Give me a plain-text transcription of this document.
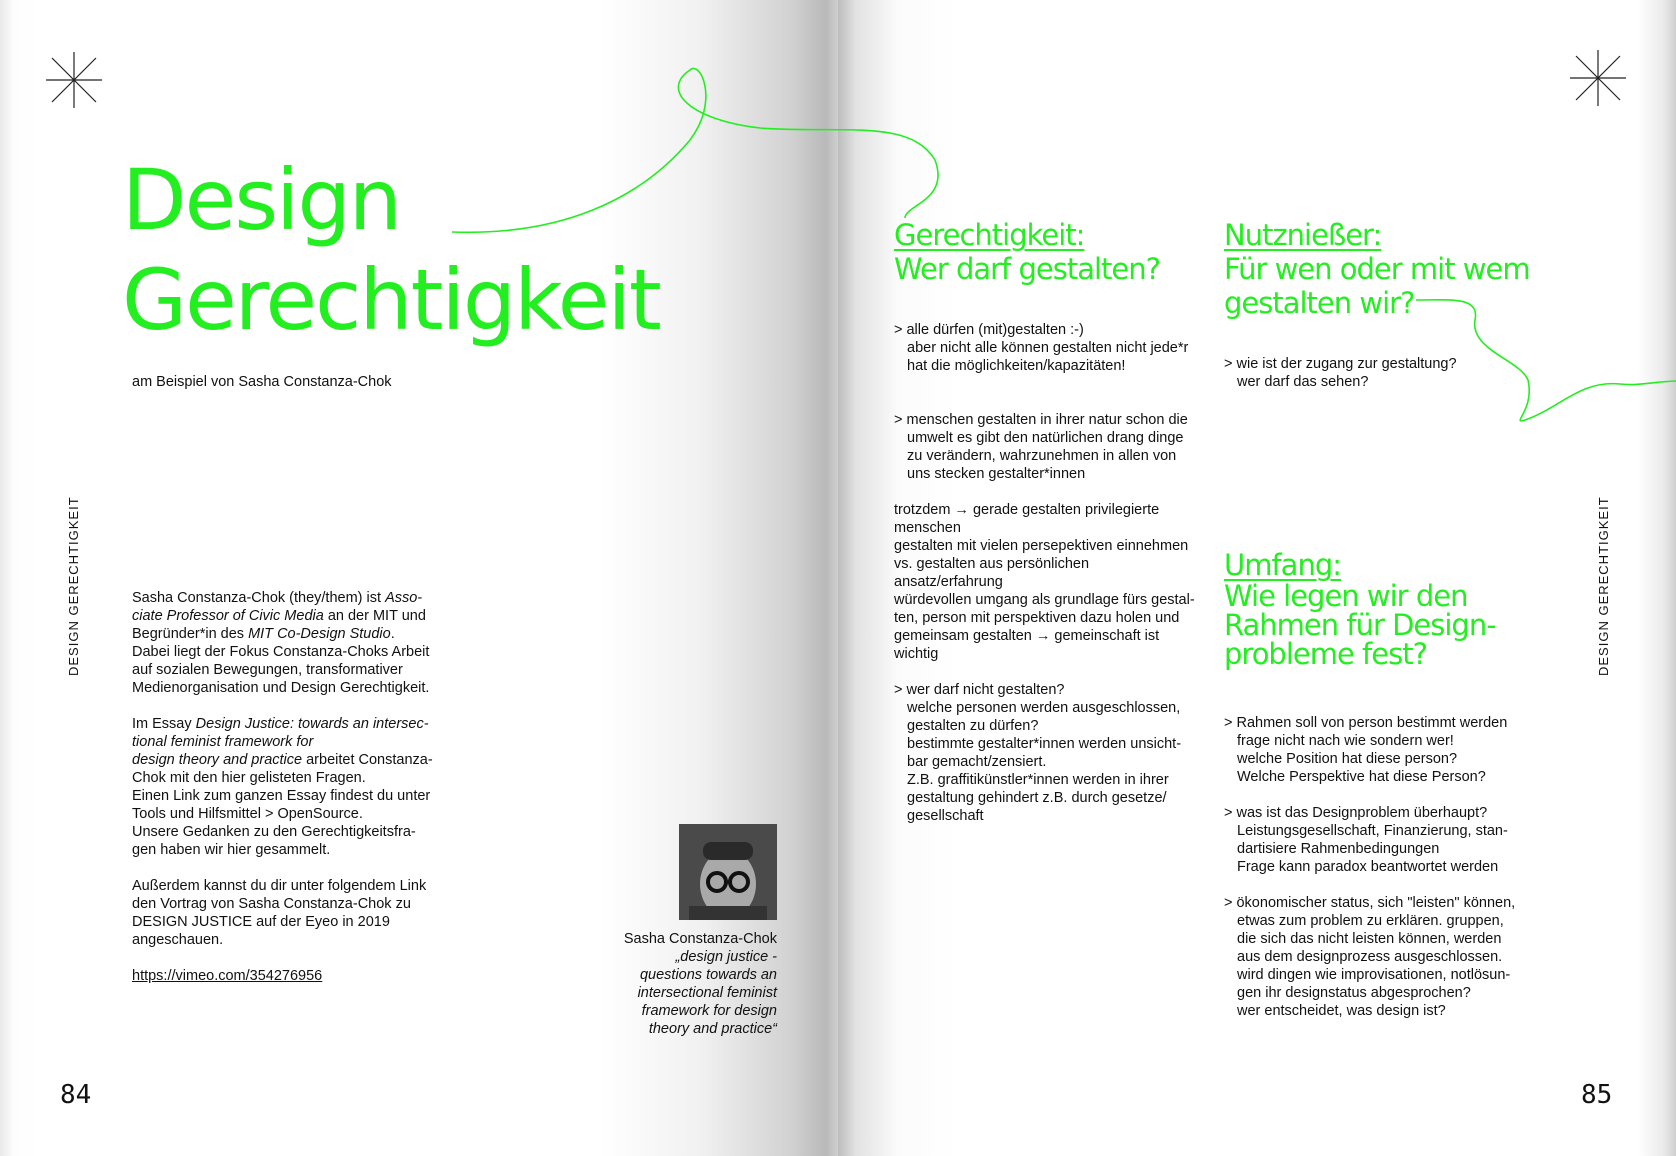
Design
Gerechtigkeit
am Beispiel von Sasha Constanza-Chok
DESIGN GERECHTIGKEIT	Sasha Constanza-Chok (they/them) ist Asso-

ciate Professor of Civic Media an der MIT und

Begründer*in des MIT Co-Design Studio.

Dabei liegt der Fokus Constanza-Choks Arbeit

auf sozialen Bewegungen, transformativer

Medienorganisation und Design Gerechtigkeit.

Im Essay Design Justice: towards an intersec-

tional feminist framework for

design theory and practice arbeitet Constanza-

Chok mit den hier gelisteten Fragen.

Einen Link zum ganzen Essay findest du unter

Tools und Hilfsmittel > OpenSource.

Unsere Gedanken zu den Gerechtigkeitsfra-

gen haben wir hier gesammelt.

Außerdem kannst du dir unter folgendem Link

den Vortrag von Sasha Constanza-Chok zu

DESIGN JUSTICE auf der Eyeo in 2019

angeschauen.

https://vimeo.com/354276956

Sasha Constanza-Chok
„design justice -
questions towards an
intersectional feminist
framework for design
theory and practice“
84
Gerechtigkeit:
Wer darf gestalten?

> alle dürfen (mit)gestalten :-)

aber nicht alle können gestalten nicht jede*r

hat die möglichkeiten/kapazitäten!

> menschen gestalten in ihrer natur schon die

umwelt es gibt den natürlichen drang dinge

zu verändern, wahrzunehmen in allen von

uns stecken gestalter*innen

trotzdem → gerade gestalten privilegierte

menschen

gestalten mit vielen persepektiven einnehmen

vs. gestalten aus persönlichen

ansatz/erfahrung

würdevollen umgang als grundlage fürs gestal-

ten, person mit perspektiven dazu holen und

gemeinsam gestalten → gemeinschaft ist

wichtig

> wer darf nicht gestalten?

welche personen werden ausgeschlossen,

gestalten zu dürfen?

bestimmte gestalter*innen werden unsicht-

bar gemacht/zensiert.

Z.B. graffitikünstler*innen werden in ihrer

gestaltung gehindert z.B. durch gesetze/

gesellschaft

Nutznießer:
Für wen oder mit wem
gestalten wir?

> wie ist der zugang zur gestaltung?

wer darf das sehen?

Umfang:
Wie legen wir den
Rahmen für Design-
probleme fest?

> Rahmen soll von person bestimmt werden

frage nicht nach wie sondern wer!

welche Position hat diese person?

Welche Perspektive hat diese Person?

> was ist das Designproblem überhaupt?

Leistungsgesellschaft, Finanzierung, stan-

dartisiere Rahmenbedingungen

Frage kann paradox beantwortet werden

> ökonomischer status, sich "leisten" können,

etwas zum problem zu erklären. gruppen,

die sich das nicht leisten können, werden

aus dem designprozess ausgeschlossen.

wird dingen wie improvisationen, notlösun-

gen ihr designstatus abgesprochen?

wer entscheidet, was design ist?

DESIGN GERECHTIGKEIT
85
